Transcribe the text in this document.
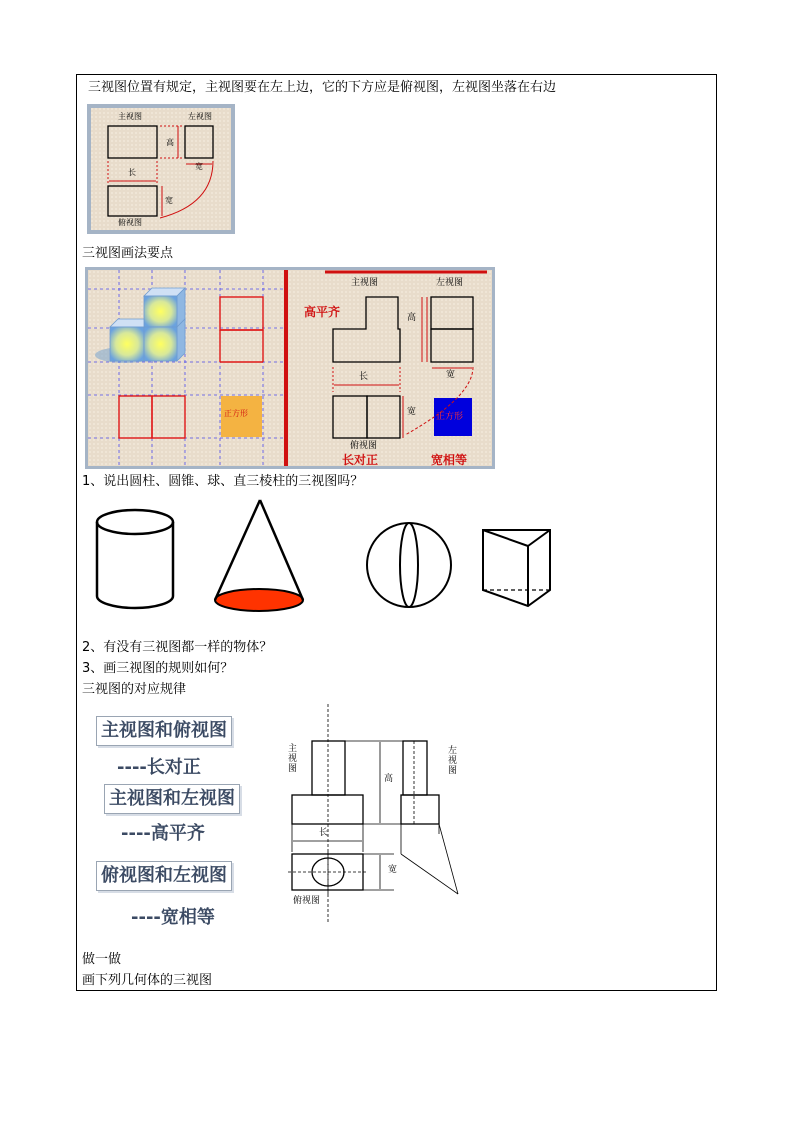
三视图位置有规定，主视图要在左上边，它的下方应是俯视图，左视图坐落在右边
主视图	左视图
高
宽
长
宽
俯视图
三视图画法要点
正方形
主视图	左视图
高平齐	高
宽
长
宽 正方形
俯视图
长对正	宽相等
1、说出圆柱、圆锥、球、直三棱柱的三视图吗？
2、有没有三视图都一样的物体？
3、画三视图的规则如何？
三视图的对应规律
主视图和俯视图
----长对正
主视图和左视图
----高平齐
俯视图和左视图
----宽相等
主视图
左视图
高
长
宽
俯视图
做一做
画下列几何体的三视图
